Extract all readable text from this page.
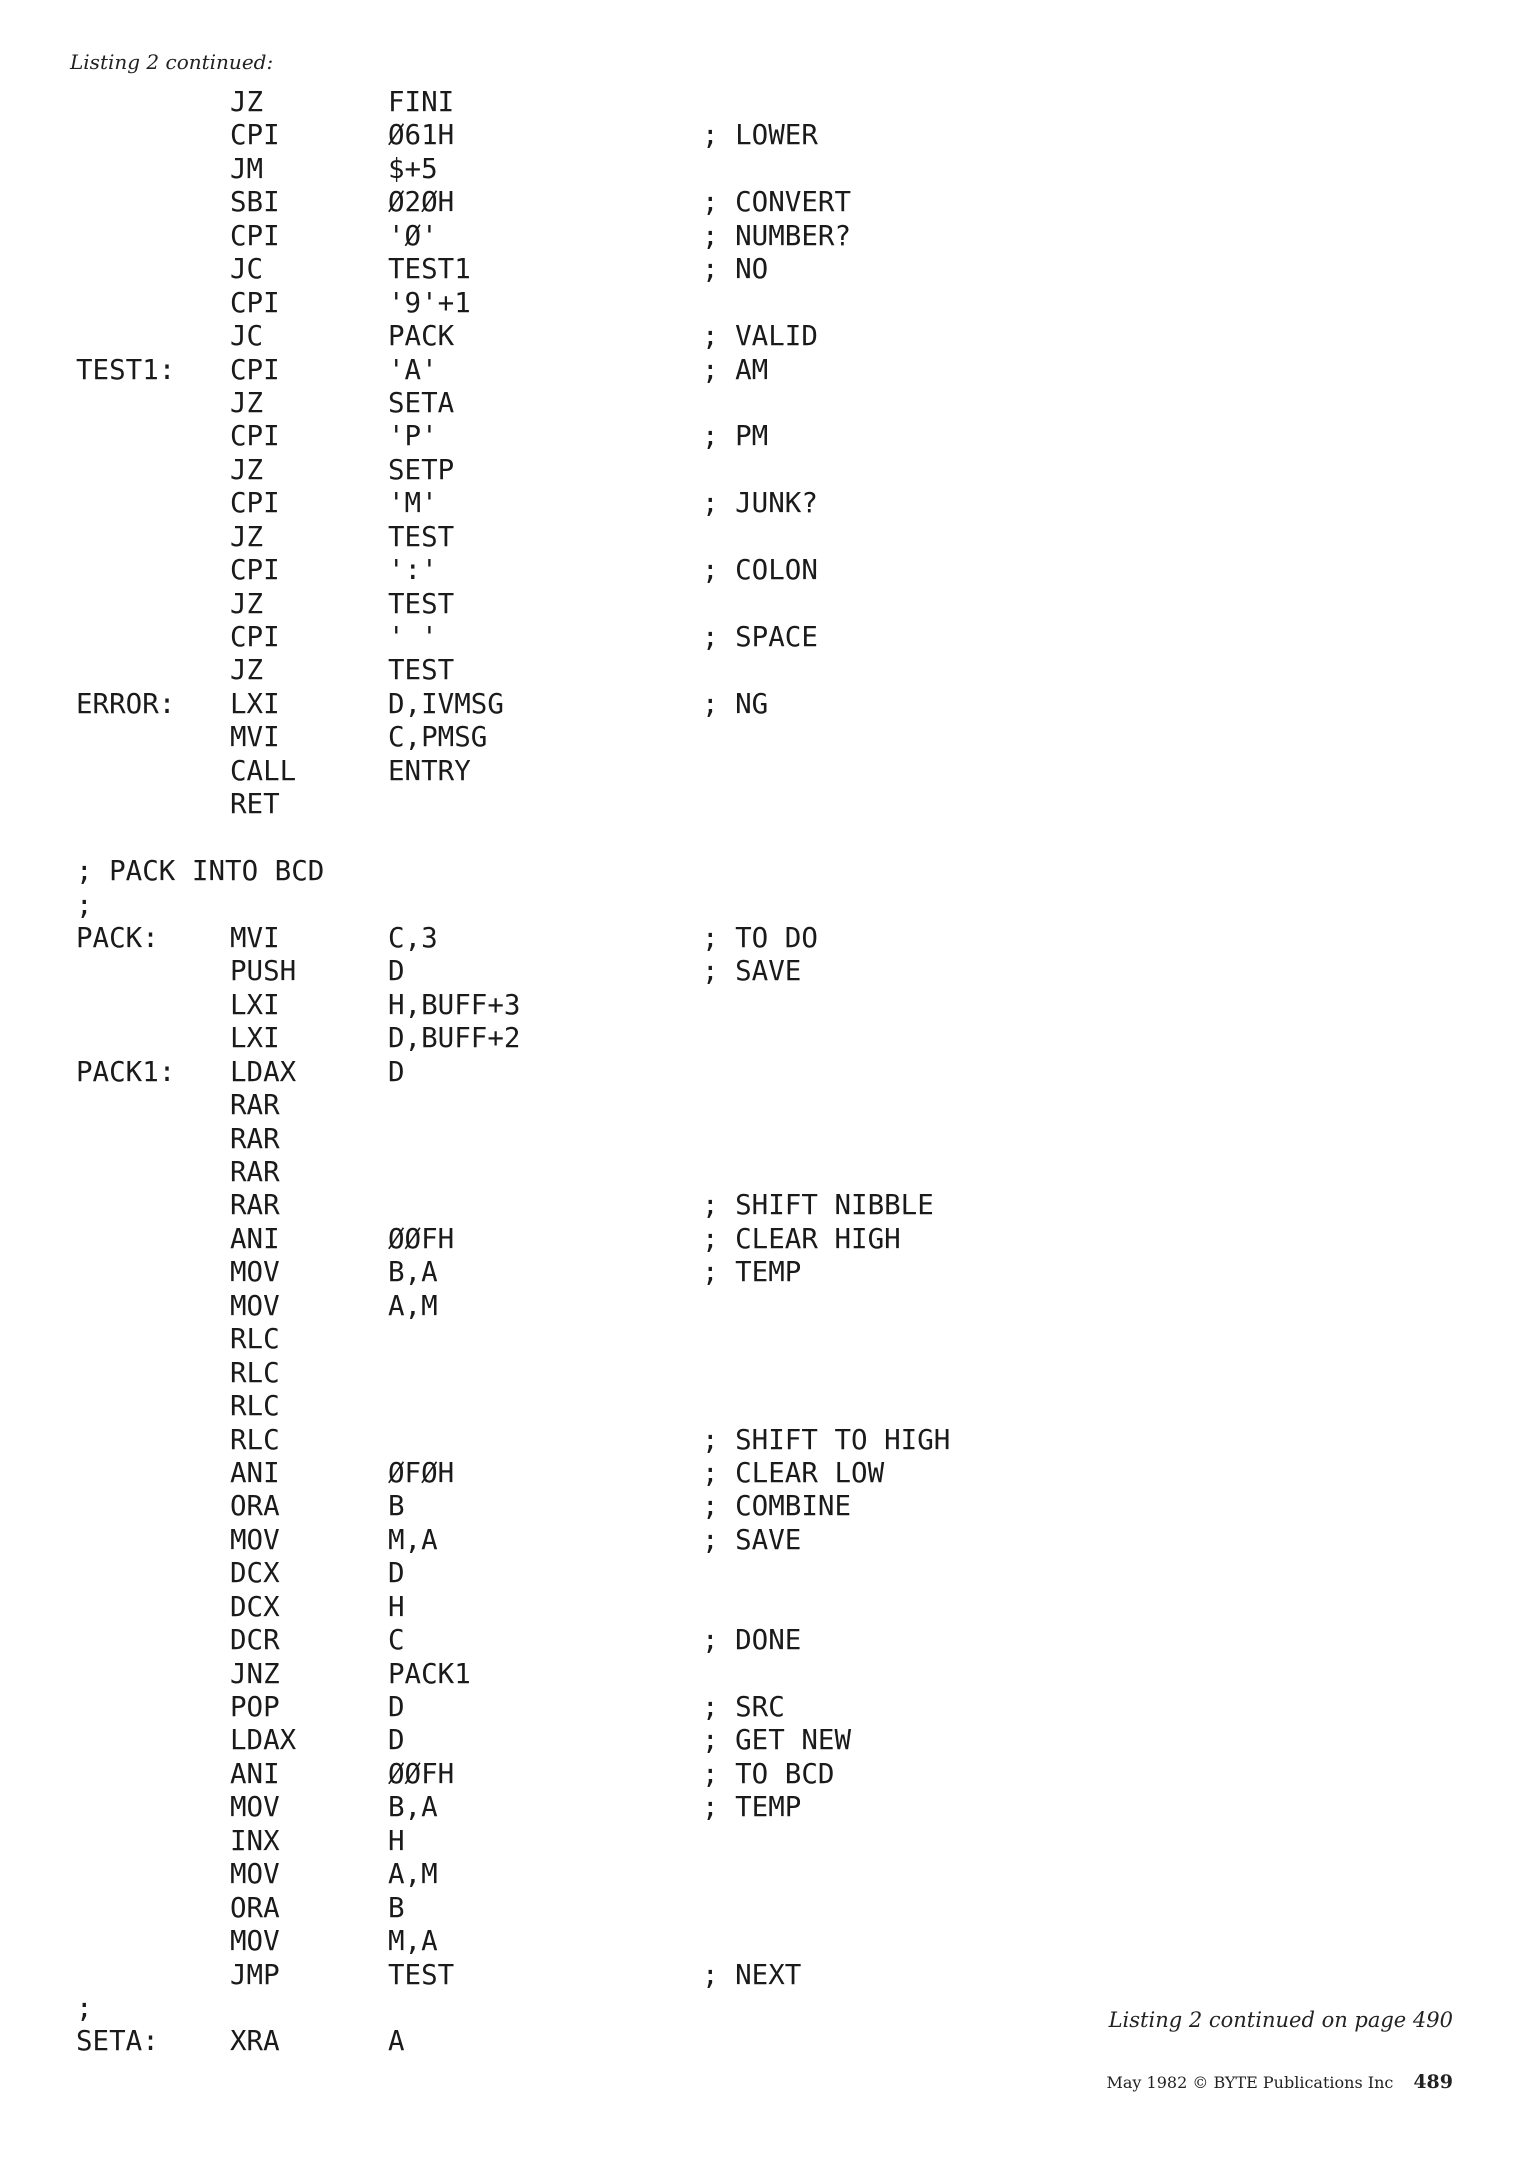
Listing 2 continued:
JZ	FINI
CPI	Ø61H	; LOWER
JM	$+5
SBI	Ø2ØH	; CONVERT
CPI	'Ø'	; NUMBER?
JC	TEST1	; NO
CPI	'9'+1
JC	PACK	; VALID
TEST1: CPI	'A'	; AM
JZ	SETA
CPI	'P'	; PM
JZ	SETP
CPI	'M'	; JUNK?
JZ	TEST
CPI	':'	; COLON
JZ	TEST
CPI	' '	; SPACE
JZ	TEST
ERROR: LXI	D,IVMSG	; NG
MVI	C,PMSG
CALL	ENTRY
RET
; PACK INTO BCD
;
PACK:	MVI	C,3	; TO DO
PUSH	D	; SAVE
LXI	H,BUFF+3
LXI	D,BUFF+2
PACK1: LDAX	D
RAR
RAR
RAR
RAR	; SHIFT NIBBLE
ANI	ØØFH	; CLEAR HIGH
MOV	B,A	; TEMP
MOV	A,M
RLC
RLC
RLC
RLC	; SHIFT TO HIGH
ANI	ØFØH	; CLEAR LOW
ORA	B	; COMBINE
MOV	M,A	; SAVE
DCX	D
DCX	H
DCR	C	; DONE
JNZ	PACK1
POP	D	; SRC
LDAX	D	; GET NEW
ANI	ØØFH	; TO BCD
MOV	B,A	; TEMP
INX	H
MOV	A,M
ORA	B
MOV	M,A
JMP	TEST	; NEXT
;
SETA:	XRA	A
Listing 2 continued on page 490
May 1982 © BYTE Publications Inc 489
